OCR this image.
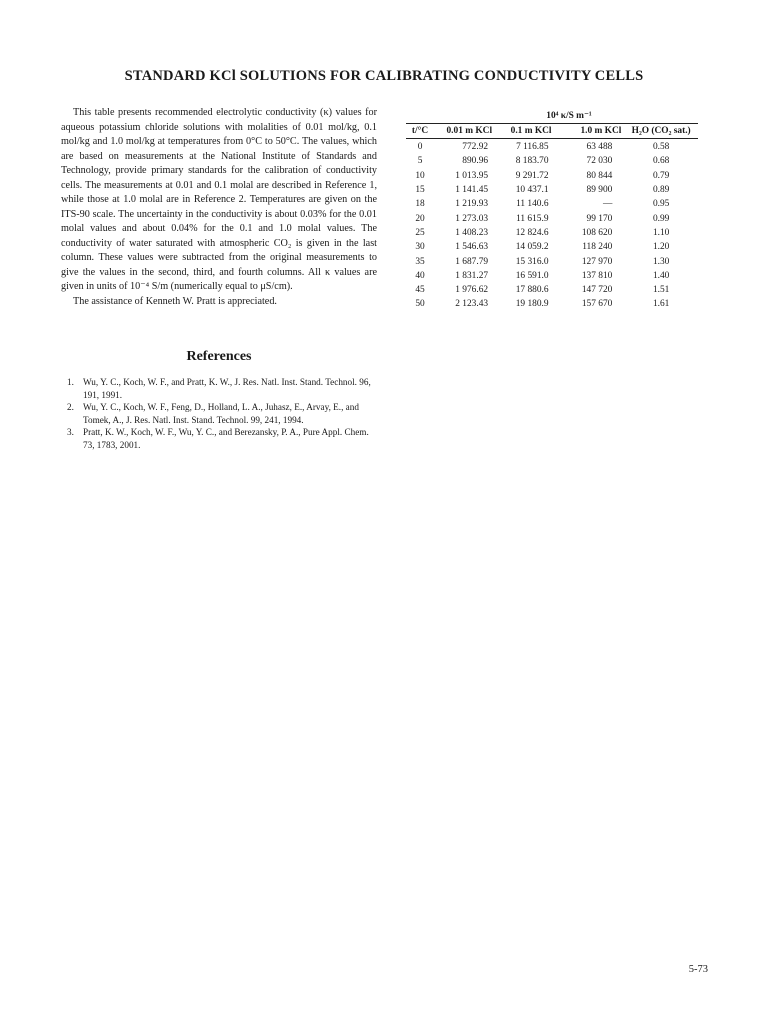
STANDARD KCl SOLUTIONS FOR CALIBRATING CONDUCTIVITY CELLS

This table presents recommended electrolytic conductivity (κ) values for aqueous potassium chloride solutions with molalities of 0.01 mol/kg, 0.1 mol/kg and 1.0 mol/kg at temperatures from 0°C to 50°C. The values, which are based on measurements at the National Institute of Standards and Technology, provide primary standards for the calibration of conductivity cells. The measurements at 0.01 and 0.1 molal are described in Reference 1, while those at 1.0 molal are in Reference 2. Temperatures are given on the ITS-90 scale. The uncertainty in the conductivity is about 0.03% for the 0.01 molal values and about 0.04% for the 0.1 and 1.0 molal values. The conductivity of water saturated with atmospheric CO₂ is given in the last column. These values were subtracted from the original measurements to give the values in the second, third, and fourth columns. All κ values are given in units of 10⁻⁴ S/m (numerically equal to μS/cm).

The assistance of Kenneth W. Pratt is appreciated.

References
1. Wu, Y. C., Koch, W. F., and Pratt, K. W., J. Res. Natl. Inst. Stand. Technol. 96, 191, 1991.
2. Wu, Y. C., Koch, W. F., Feng, D., Holland, L. A., Juhasz, E., Arvay, E., and Tomek, A., J. Res. Natl. Inst. Stand. Technol. 99, 241, 1994.
3. Pratt, K. W., Koch, W. F., Wu, Y. C., and Berezansky, P. A., Pure Appl. Chem. 73, 1783, 2001.
10⁴ κ/S m⁻¹				
t/°C	0.01 m KCl	0.1 m KCl	1.0 m KCl	H₂O (CO₂ sat.)
0	772.92	7 116.85	63 488	0.58
5	890.96	8 183.70	72 030	0.68
10	1 013.95	9 291.72	80 844	0.79
15	1 141.45	10 437.1	89 900	0.89
18	1 219.93	11 140.6	—	0.95
20	1 273.03	11 615.9	99 170	0.99
25	1 408.23	12 824.6	108 620	1.10
30	1 546.63	14 059.2	118 240	1.20
35	1 687.79	15 316.0	127 970	1.30
40	1 831.27	16 591.0	137 810	1.40
45	1 976.62	17 880.6	147 720	1.51
50	2 123.43	19 180.9	157 670	1.61
5-73
